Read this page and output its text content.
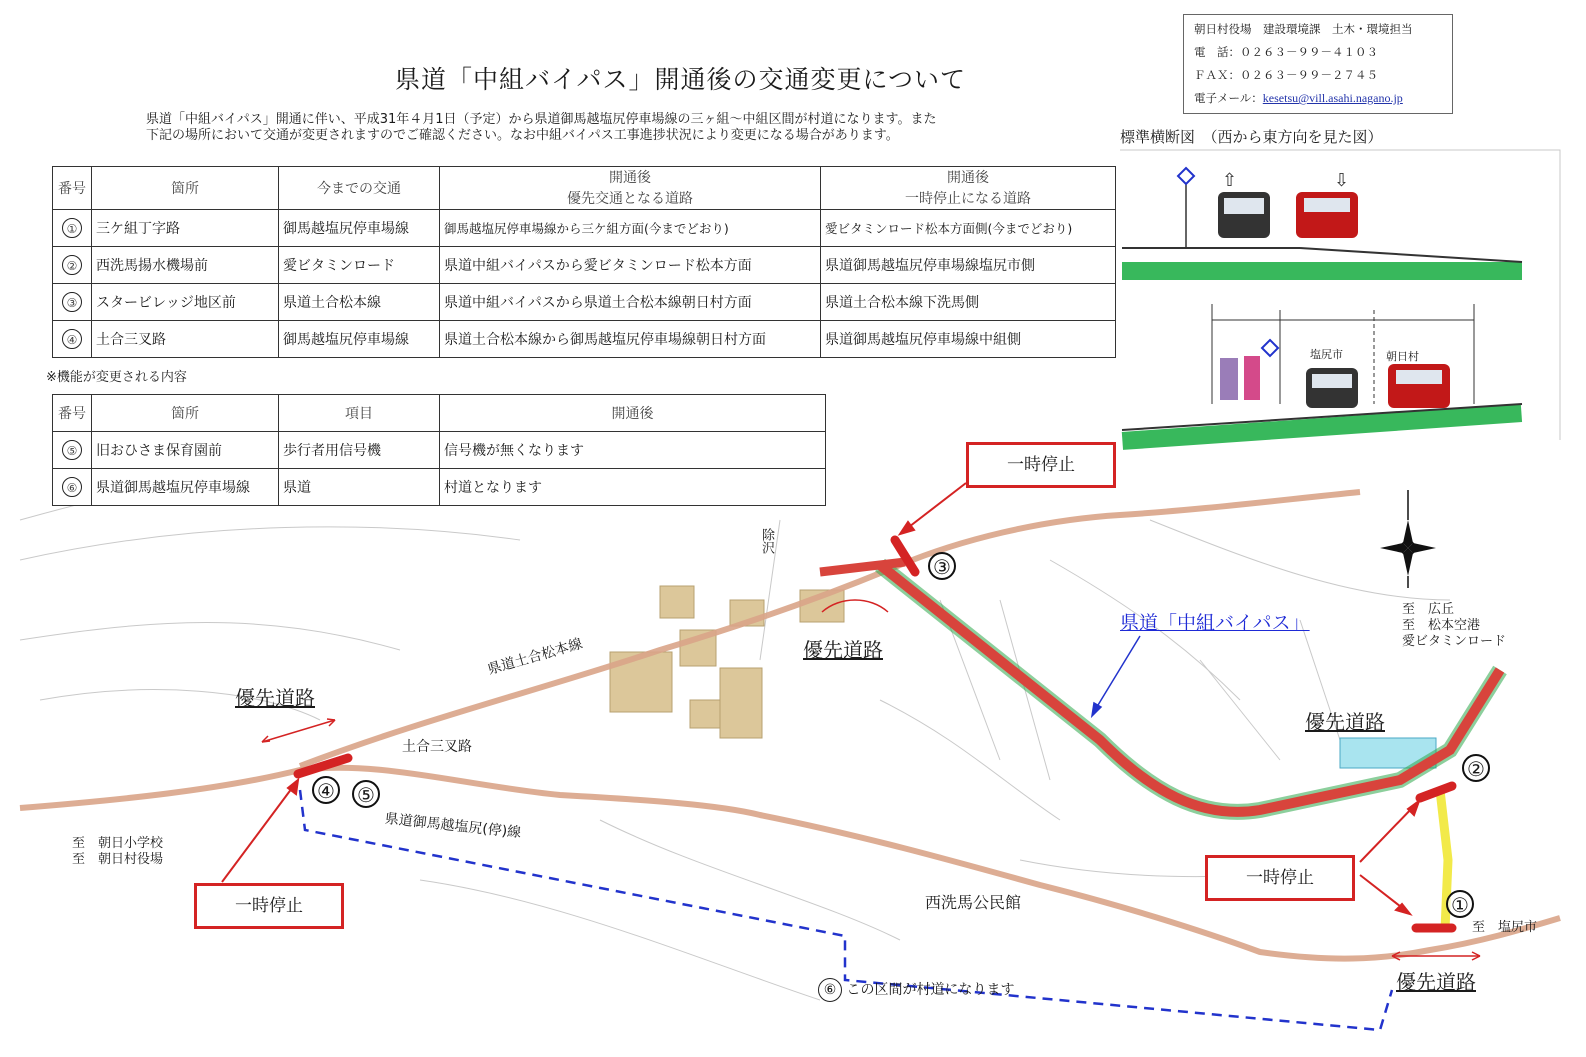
⇧	⇩
県道「中組バイパス」開通後の交通変更について
県道「中組バイパス」開通に伴い、平成31年４月1日（予定）から県道御馬越塩尻停車場線の三ヶ組～中組区間が村道になります。また
下記の場所において交通が変更されますのでご確認ください。なお中組バイパス工事進捗状況により変更になる場合があります。
朝日村役場　建設環境課　土木・環境担当
電　話：０２６３－９９－４１０３
ＦＡＸ：０２６３－９９－２７４５
電子メール：kesetsu@vill.asahi.nagano.jp
標準横断図　（西から東方向を見た図）
塩尻市	朝日村
番号	箇所	今までの交通	開通後	開通後
			優先交通となる道路	一時停止になる道路
①	三ケ組丁字路	御馬越塩尻停車場線	御馬越塩尻停車場線から三ケ組方面(今までどおり)	愛ビタミンロード松本方面側(今までどおり)
②	西洗馬揚水機場前	愛ビタミンロード	県道中組バイパスから愛ビタミンロード松本方面	県道御馬越塩尻停車場線塩尻市側
③	スタービレッジ地区前	県道土合松本線	県道中組バイパスから県道土合松本線朝日村方面	県道土合松本線下洗馬側
④	土合三叉路	御馬越塩尻停車場線	県道土合松本線から御馬越塩尻停車場線朝日村方面	県道御馬越塩尻停車場線中組側
※機能が変更される内容
番号	箇所	項目	開通後
⑤	旧おひさま保育園前	歩行者用信号機	信号機が無くなります
⑥	県道御馬越塩尻停車場線	県道	村道となります
一時停止
一時停止
一時停止
優先道路
優先道路
優先道路
優先道路
県道「中組バイパス」
県道土合松本線
県道御馬越塩尻(停)線
土合三叉路
西洗馬公民館
除沢
至　広丘
至　松本空港
愛ビタミンロード
至　朝日小学校
至　朝日村役場
至　塩尻市
⑥ この区間が村道になります
①
②
③
④ ⑤
